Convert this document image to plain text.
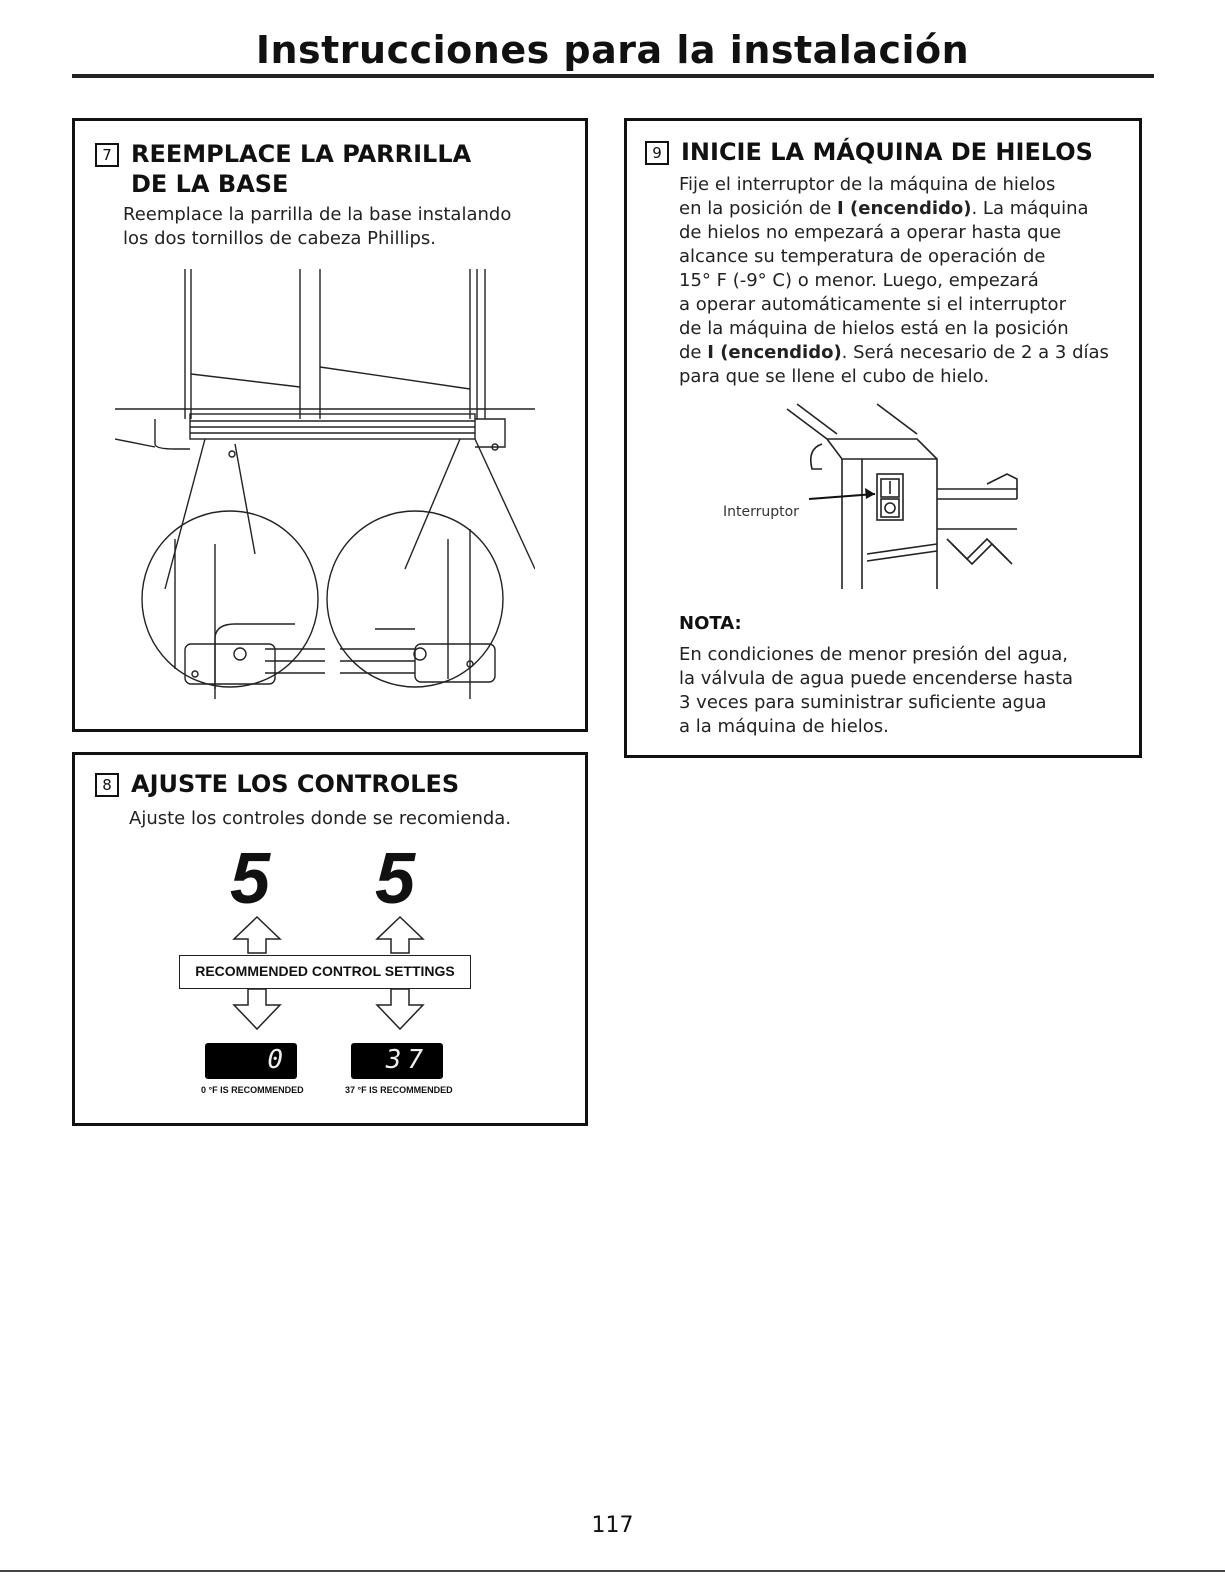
Instrucciones para la instalación
7 REEMPLACE LA PARRILLA
DE LA BASE
Reemplace la parrilla de la base instalando
los dos tornillos de cabeza Phillips.
8 AJUSTE LOS CONTROLES
Ajuste los controles donde se recomienda.
5 5
RECOMMENDED CONTROL SETTINGS
0	37
0 °F IS RECOMMENDED	37 °F IS RECOMMENDED
9 INICIE LA MÁQUINA DE HIELOS
Fije el interruptor de la máquina de hielos
en la posición de I (encendido). La máquina
de hielos no empezará a operar hasta que
alcance su temperatura de operación de
15° F (-9° C) o menor. Luego, empezará
a operar automáticamente si el interruptor
de la máquina de hielos está en la posición
de I (encendido). Será necesario de 2 a 3 días
para que se llene el cubo de hielo.
Interruptor
NOTA:
En condiciones de menor presión del agua,
la válvula de agua puede encenderse hasta
3 veces para suministrar suficiente agua
a la máquina de hielos.
117
